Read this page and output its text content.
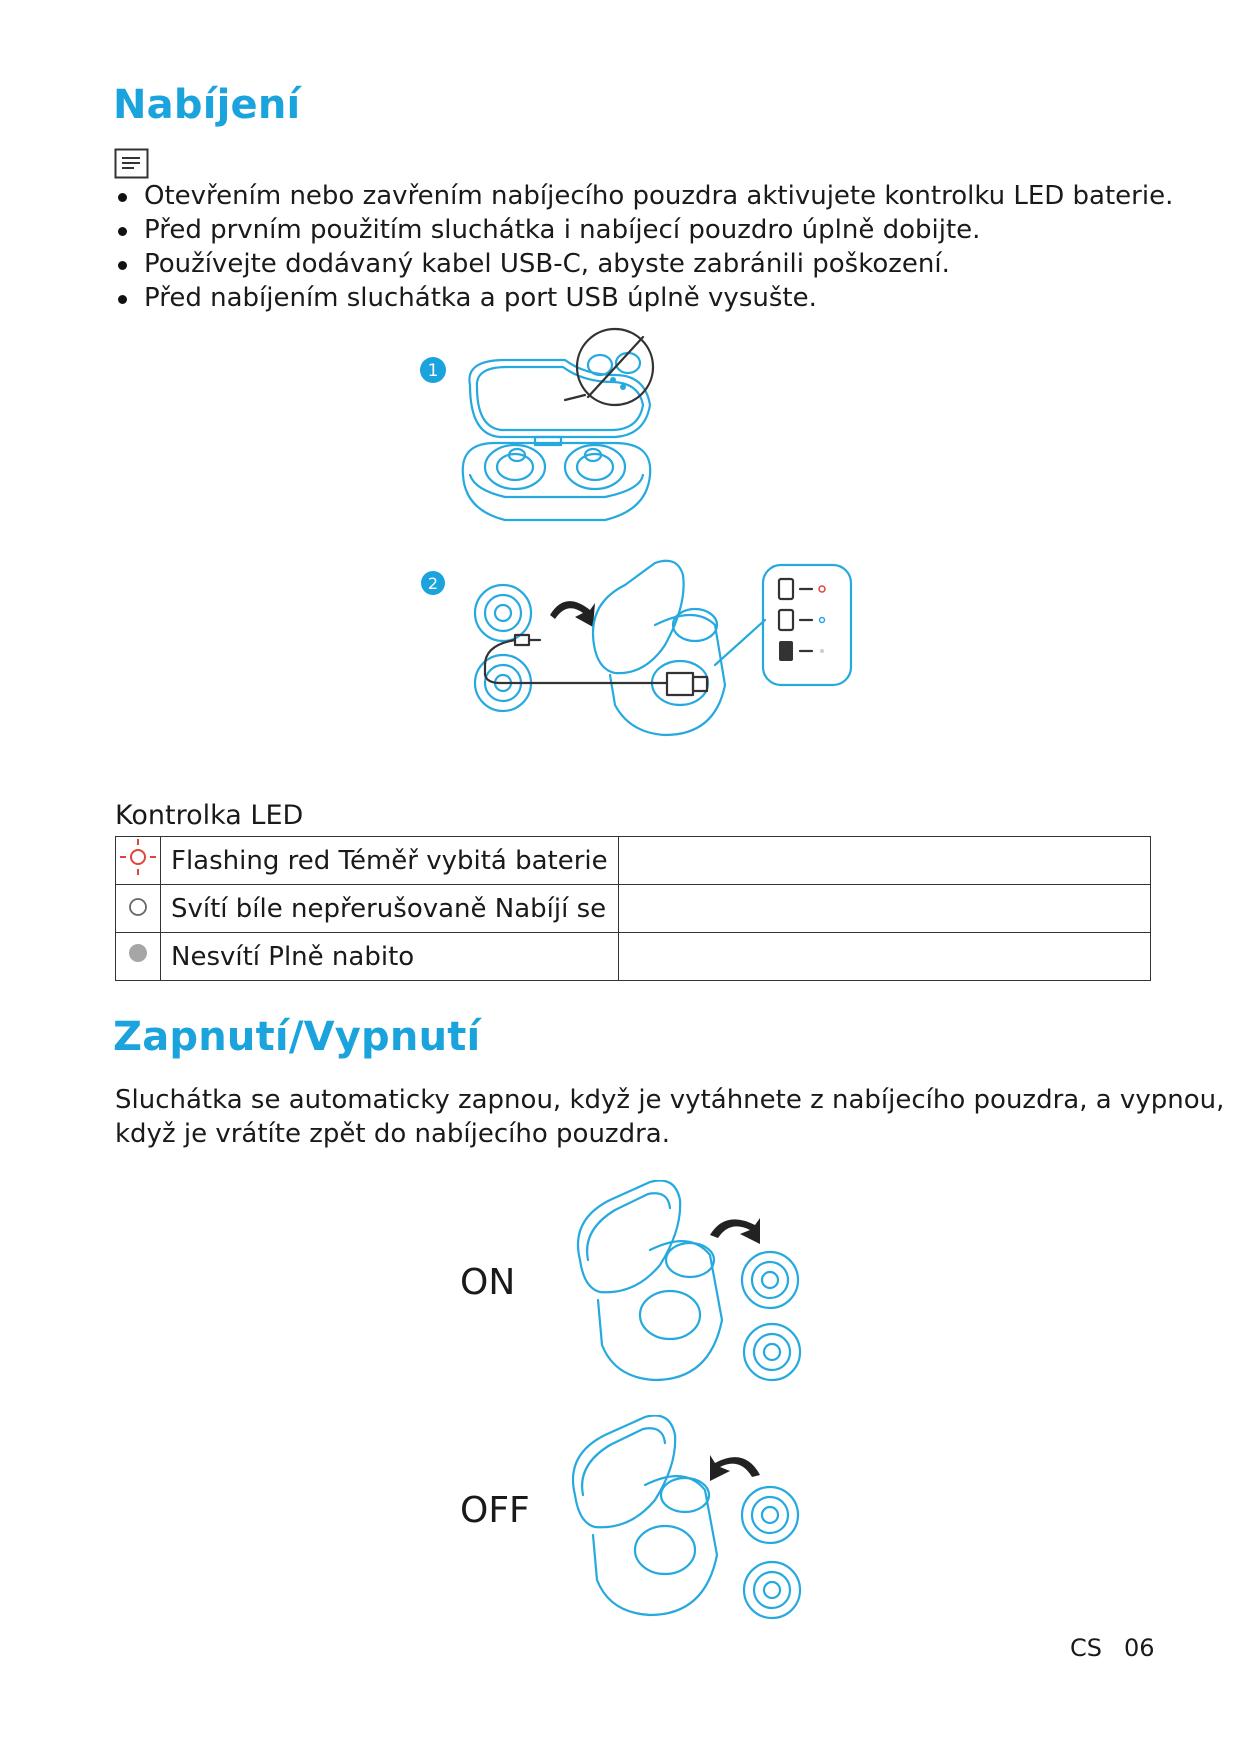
Nabíjení
Otevřením nebo zavřením nabíjecího pouzdra aktivujete kontrolku LED baterie.
Před prvním použitím sluchátka i nabíjecí pouzdro úplně dobijte.
Používejte dodávaný kabel USB-C, abyste zabránili poškození.
Před nabíjením sluchátka a port USB úplně vysušte.
1
2
Kontrolka LED
	Flashing red Téměř vybitá baterie	
	Svítí bíle nepřerušovaně Nabíjí se	
	Nesvítí Plně nabito	
Zapnutí/Vypnutí
Sluchátka se automaticky zapnou, když je vytáhnete z nabíjecího pouzdra, a vypnou,
když je vrátíte zpět do nabíjecího pouzdra.
ON
OFF
CS 06
